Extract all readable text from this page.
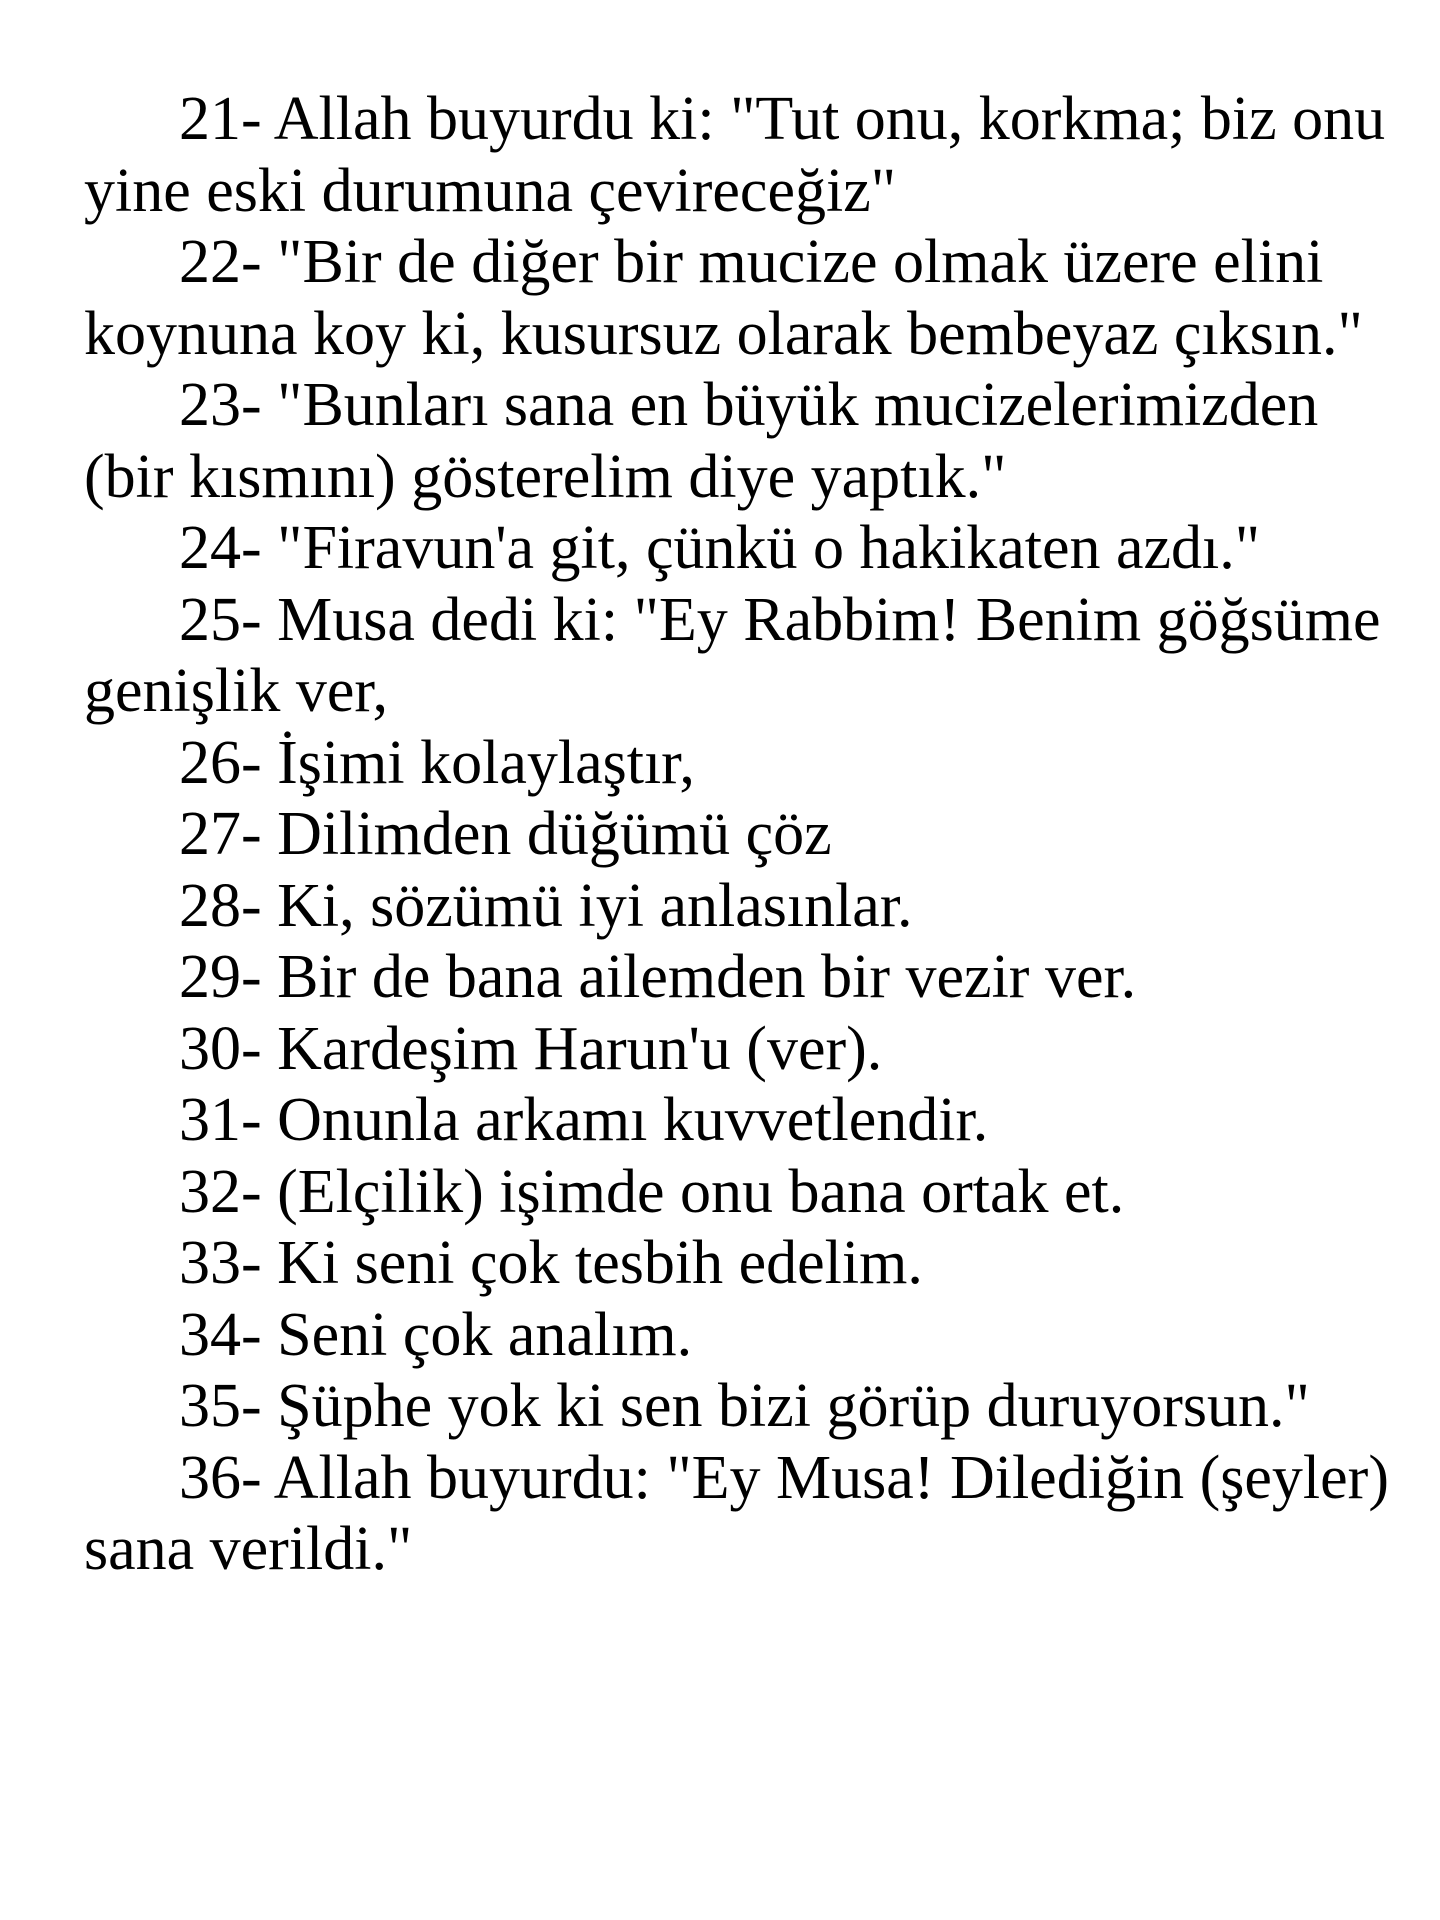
21- Allah buyurdu ki: "Tut onu, korkma; biz onu yine eski durumuna çevireceğiz"

22- "Bir de diğer bir mucize olmak üzere elini koynuna koy ki, kusursuz olarak bembeyaz çıksın."

23- "Bunları sana en büyük mucizelerimizden (bir kısmını) gösterelim diye yaptık."

24- "Firavun'a git, çünkü o hakikaten azdı."

25- Musa dedi ki: "Ey Rabbim! Benim göğsüme genişlik ver,

26- İşimi kolaylaştır,

27- Dilimden düğümü çöz

28- Ki, sözümü iyi anlasınlar.

29- Bir de bana ailemden bir vezir ver.

30- Kardeşim Harun'u (ver).

31- Onunla arkamı kuvvetlendir.

32- (Elçilik) işimde onu bana ortak et.

33- Ki seni çok tesbih edelim.

34- Seni çok analım.

35- Şüphe yok ki sen bizi görüp duruyorsun."

36- Allah buyurdu: "Ey Musa! Dilediğin (şeyler) sana verildi."
